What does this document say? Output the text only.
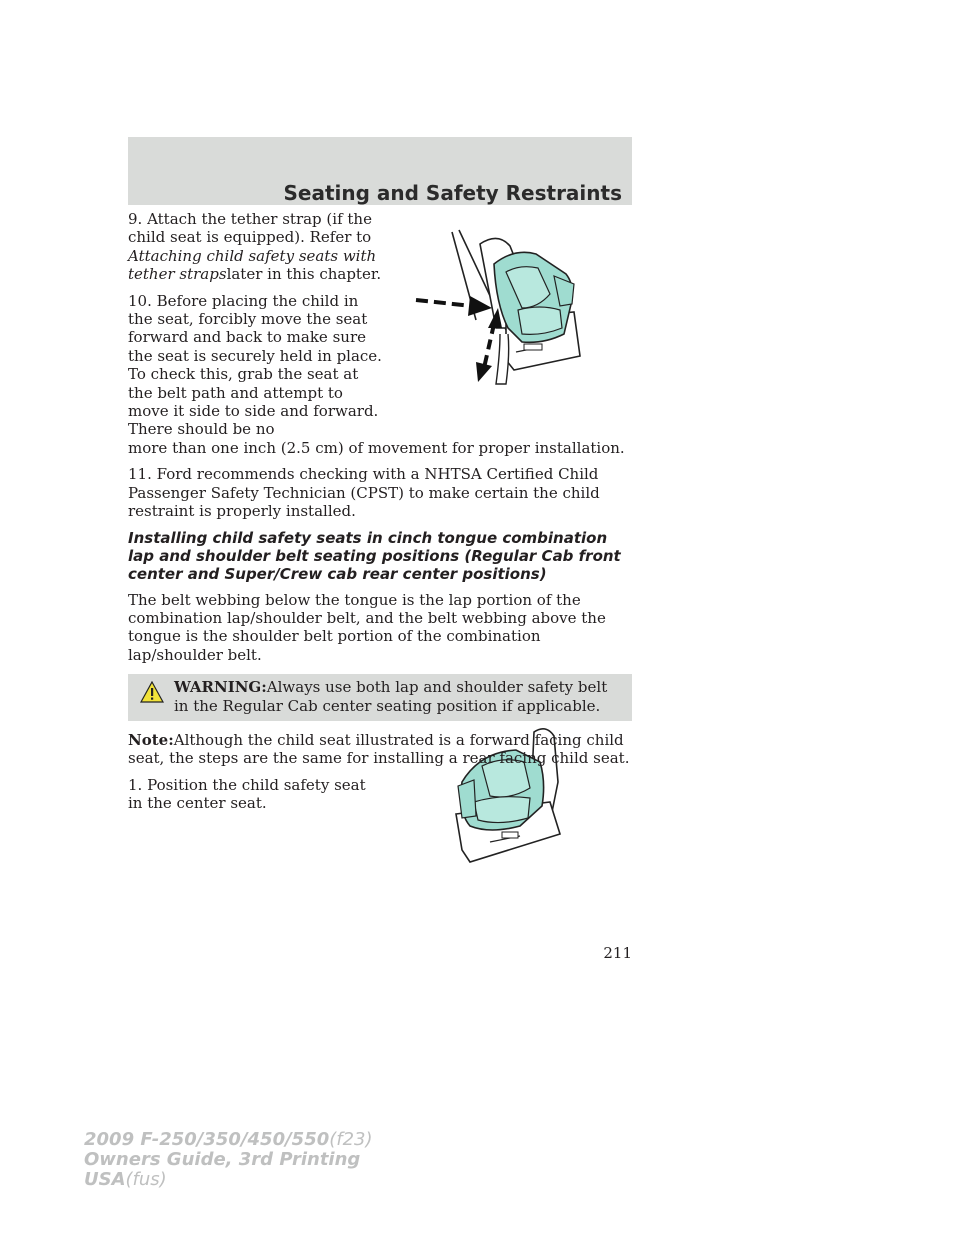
Seating and Safety Restraints

9. Attach the tether strap (if the child seat is equipped). Refer to Attaching child safety seats with tether strapslater in this chapter.

10. Before placing the child in the seat, forcibly move the seat forward and back to make sure the seat is securely held in place. To check this, grab the seat at the belt path and attempt to move it side to side and forward. There should be no
more than one inch (2.5 cm) of movement for proper installation.

11. Ford recommends checking with a NHTSA Certified Child Passenger Safety Technician (CPST) to make certain the child restraint is properly installed.

Installing child safety seats in cinch tongue combination lap and shoulder belt seating positions (Regular Cab front center and Super/Crew cab rear center positions)

The belt webbing below the tongue is the lap portion of the combination lap/shoulder belt, and the belt webbing above the tongue is the shoulder belt portion of the combination lap/shoulder belt.

WARNING:Always use both lap and shoulder safety belt in the Regular Cab center seating position if applicable.

Note:Although the child seat illustrated is a forward facing child seat, the steps are the same for installing a rear facing child seat.

1. Position the child safety seat in the center seat.

211

2009 F-250/350/450/550(f23)
Owners Guide, 3rd Printing
USA(fus)
